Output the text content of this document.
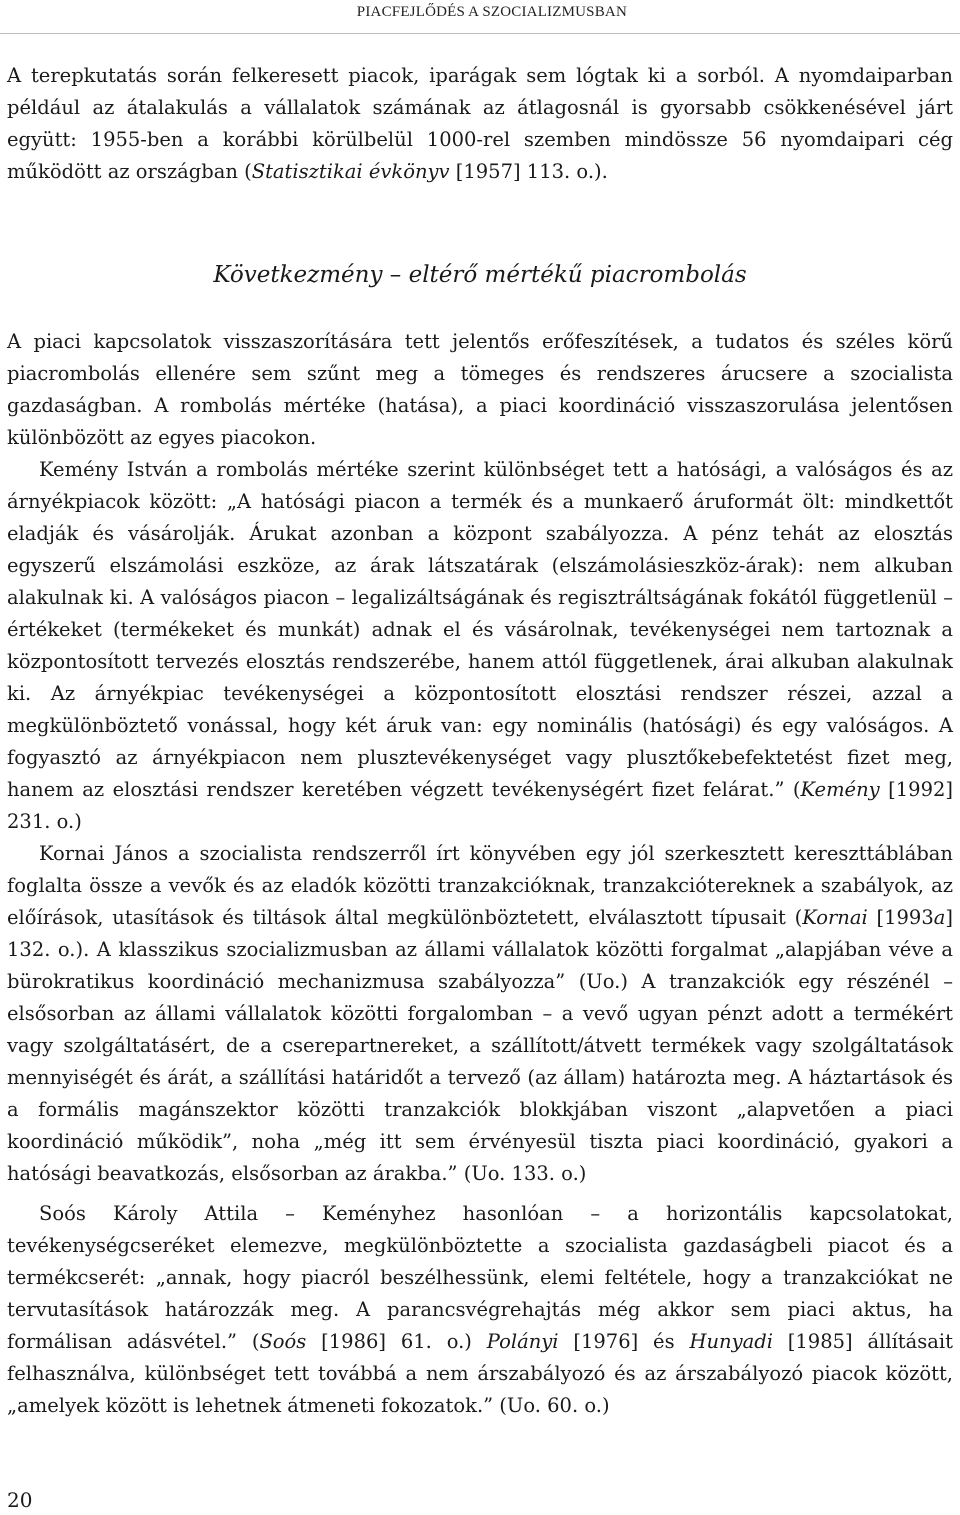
PIACFEJLŐDÉS A SZOCIALIZMUSBAN

A terepkutatás során felkeresett piacok, iparágak sem lógtak ki a sorból. A nyomdaiparban például az átalakulás a vállalatok számának az átlagosnál is gyorsabb csökkenésével járt együtt: 1955-ben a korábbi körülbelül 1000-rel szemben mindössze 56 nyomdaipari cég működött az országban (Statisztikai évkönyv [1957] 113. o.).

Következmény – eltérő mértékű piacrombolás

A piaci kapcsolatok visszaszorítására tett jelentős erőfeszítések, a tudatos és széles körű piacrombolás ellenére sem szűnt meg a tömeges és rendszeres árucsere a szocialista gazdaságban. A rombolás mértéke (hatása), a piaci koordináció visszaszorulása jelentősen különbözött az egyes piacokon.

Kemény István a rombolás mértéke szerint különbséget tett a hatósági, a valóságos és az árnyékpiacok között: „A hatósági piacon a termék és a munkaerő áruformát ölt: mindkettőt eladják és vásárolják. Árukat azonban a központ szabályozza. A pénz tehát az elosztás egyszerű elszámolási eszköze, az árak látszatárak (elszámolásieszköz-árak): nem alkuban alakulnak ki. A valóságos piacon – legalizáltságának és regisztráltságának fokától függetlenül – értékeket (termékeket és munkát) adnak el és vásárolnak, tevékenységei nem tartoznak a központosított tervezés elosztás rendszerébe, hanem attól függetlenek, árai alkuban alakulnak ki. Az árnyékpiac tevékenységei a központosított elosztási rendszer részei, azzal a megkülönböztető vonással, hogy két áruk van: egy nominális (hatósági) és egy valóságos. A fogyasztó az árnyékpiacon nem plusztevékenységet vagy plusztőkebefektetést fizet meg, hanem az elosztási rendszer keretében végzett tevékenységért fizet felárat.” (Kemény [1992] 231. o.)

Kornai János a szocialista rendszerről írt könyvében egy jól szerkesztett kereszttáblában foglalta össze a vevők és az eladók közötti tranzakcióknak, tranzakciótereknek a szabályok, az előírások, utasítások és tiltások által megkülönböztetett, elválasztott típusait (Kornai [1993a] 132. o.). A klasszikus szocializmusban az állami vállalatok közötti forgalmat „alapjában véve a bürokratikus koordináció mechanizmusa szabályozza” (Uo.) A tranzakciók egy részénél – elsősorban az állami vállalatok közötti forgalomban – a vevő ugyan pénzt adott a termékért vagy szolgáltatásért, de a cserepartnereket, a szállított/átvett termékek vagy szolgáltatások mennyiségét és árát, a szállítási határidőt a tervező (az állam) határozta meg. A háztartások és a formális magánszektor közötti tranzakciók blokkjában viszont „alapvetően a piaci koordináció működik”, noha „még itt sem érvényesül tiszta piaci koordináció, gyakori a hatósági beavatkozás, elsősorban az árakba.” (Uo. 133. o.)

Soós Károly Attila – Keményhez hasonlóan – a horizontális kapcsolatokat, tevékenységcseréket elemezve, megkülönböztette a szocialista gazdaságbeli piacot és a termékcserét: „annak, hogy piacról beszélhessünk, elemi feltétele, hogy a tranzakciókat ne tervutasítások határozzák meg. A parancsvégrehajtás még akkor sem piaci aktus, ha formálisan adásvétel.” (Soós [1986] 61. o.) Polányi [1976] és Hunyadi [1985] állításait felhasználva, különbséget tett továbbá a nem árszabályozó és az árszabályozó piacok között, „amelyek között is lehetnek átmeneti fokozatok.” (Uo. 60. o.)

20
